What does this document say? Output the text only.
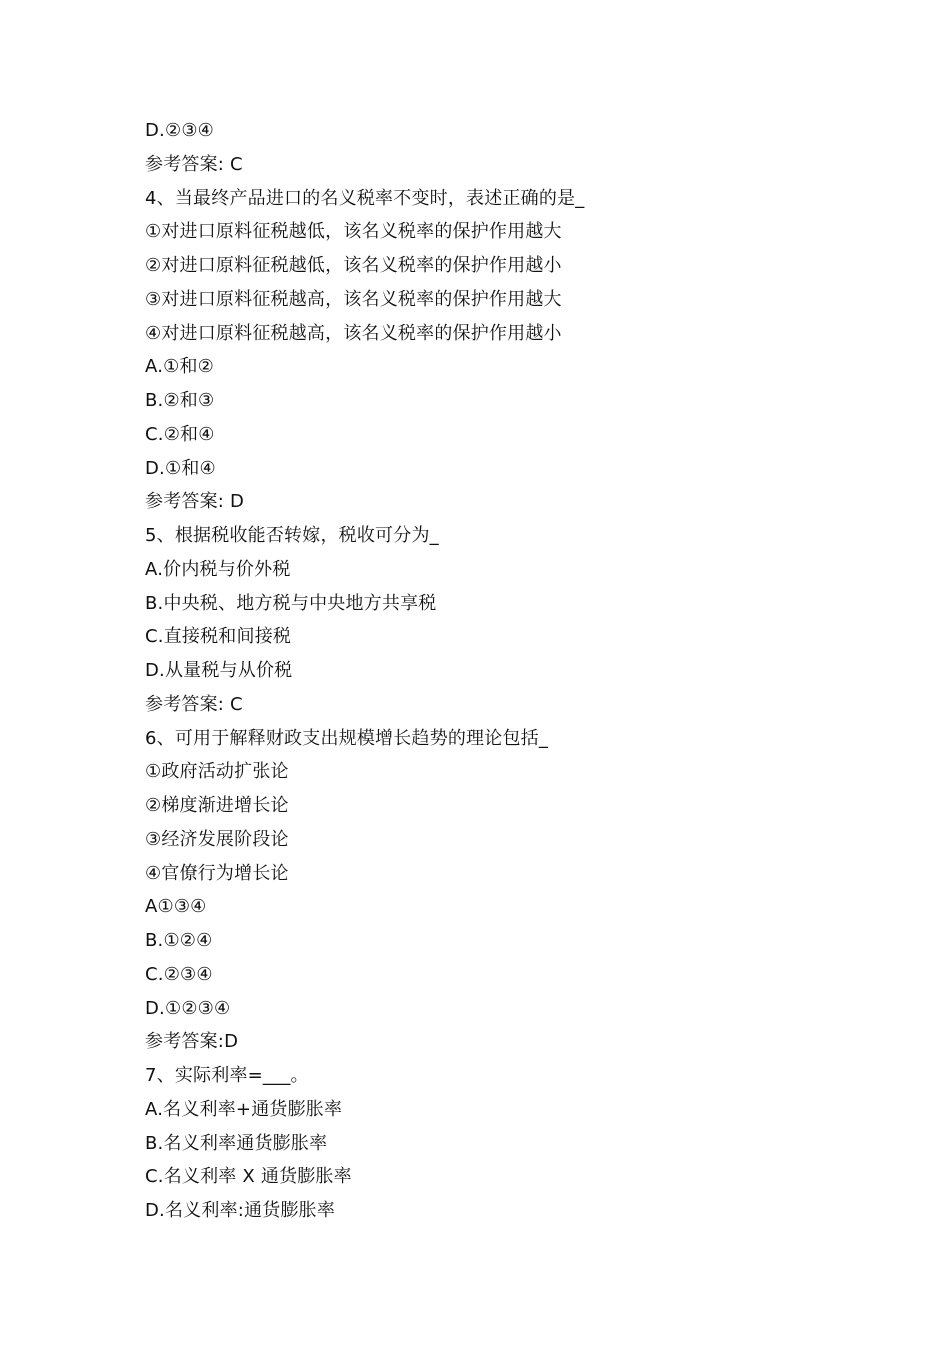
D.②③④
参考答案: C
4、当最终产品进口的名义税率不变时，表述正确的是_
①对进口原料征税越低，该名义税率的保护作用越大
②对进口原料征税越低，该名义税率的保护作用越小
③对进口原料征税越高，该名义税率的保护作用越大
④对进口原料征税越高，该名义税率的保护作用越小
A.①和②
B.②和③
C.②和④
D.①和④
参考答案: D
5、根据税收能否转嫁，税收可分为_
A.价内税与价外税
B.中央税、地方税与中央地方共享税
C.直接税和间接税
D.从量税与从价税
参考答案: C
6、可用于解释财政支出规模增长趋势的理论包括_
①政府活动扩张论
②梯度渐进增长论
③经济发展阶段论
④官僚行为增长论
A①③④
B.①②④
C.②③④
D.①②③④
参考答案:D
7、实际利率=___。
A.名义利率+通货膨胀率
B.名义利率通货膨胀率
C.名义利率 X 通货膨胀率
D.名义利率:通货膨胀率
